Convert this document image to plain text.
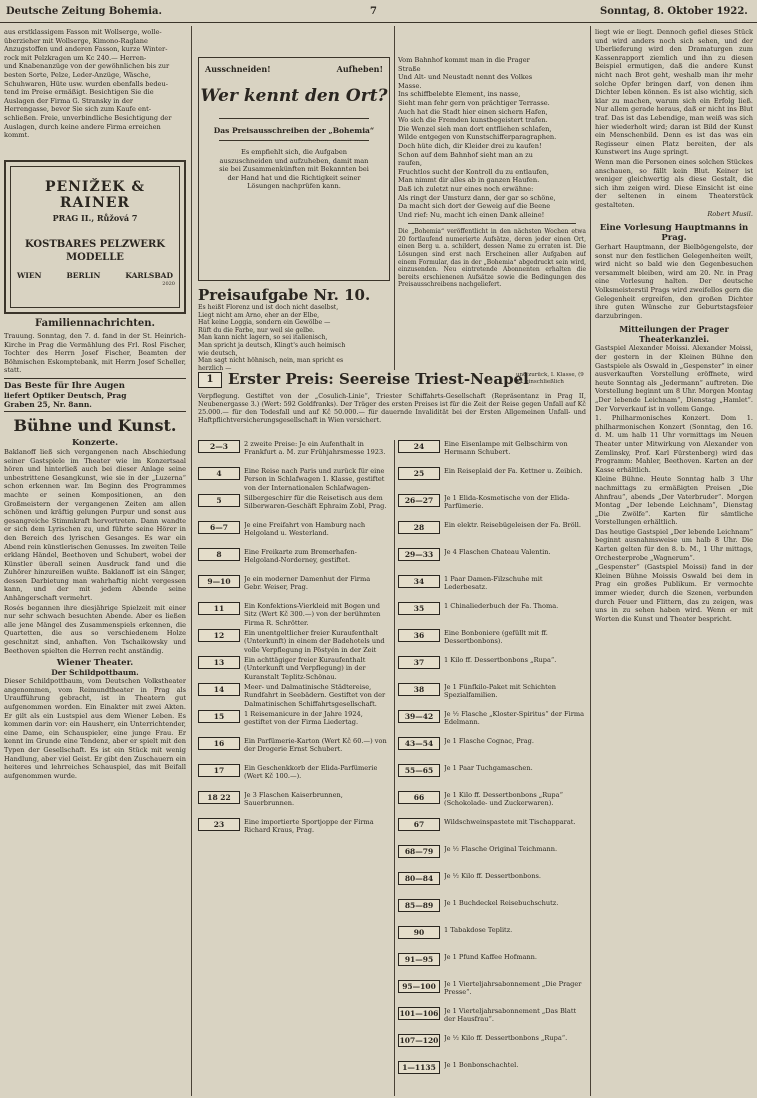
Deutsche Zeitung Bohemia.	7	Sonntag, 8. Oktober 1922.
aus erstklassigem Fasson mit Wollserge, wolle-
überzieher mit Wollserge, Kimono-Raglane
Anzugstoffen und anderen Fasson, kurze Winter-
rock mit Pelzkragen um Kc 240.— Herren-
und Knabenanzüge von der gewöhnlichen bis zur
besten Sorte, Pelze, Leder-Anzüge, Wäsche,
Schuhwaren, Hüte usw. wurden ebenfalls bedeu-
tend im Preise ermäßigt. Besichtigen Sie die
Auslagen der Firma G. Stransky in der
Herrengasse, bevor Sie sich zum Kaufe ent-
schließen. Freie, unverbindliche Besichtigung der
Auslagen, durch keine andere Firma erreichen
kommt.
PENIŽEK & RAINER
PRAG II., Růžová 7
KOSTBARES PELZWERK
MODELLE
WIEN	BERLIN	KARLSBAD
2020
Familiennachrichten.

Trauung. Sonntag, den 7. d. fand in der St. Heinrich-Kirche in Prag die Vermählung des Frl. Rosl Fischer, Tochter des Herrn Josef Fischer, Beamten der Böhmischen Eskomptebank, mit Herrn Josef Scheller, statt.

Das Beste für Ihre Augen
liefert Optiker Deutsch, Prag
Graben 25, Nr. 8ann.
Bühne und Kunst.
Konzerte.

Baklanoff ließ sich vergangenen nach Abschiedung seiner Gastspiele im Theater wie im Konzertsaal hören und hinterließ auch bei dieser Anlage seine unbestrittene Gesangkunst, wie sie in der „Luzerna“ schon erkennen war. Im Beginn des Programmes machte er seinen Kompositionen, an den Großmeistern der vergangenen Zeiten am allen schönen und kräftig gelungen Purpur und sonst aus gesangreiche Stimmkraft hervortreten. Dann wandte er sich dem Lyrischen zu, und führte seine Hörer in den Bereich des lyrischen Gesanges. Es war ein Abend rein künstlerischen Genusses. Im zweiten Teile erklang Händel, Beethoven und Schubert, wobei der Künstler überall seinen Ausdruck fand und die Zuhörer hinzureißen wußte. Baklanoff ist ein Sänger, dessen Darbietung man wahrhaftig nicht vergessen kann, und der mit jedem Abende seine Anhängerschaft vermehrt.

Rosés begannen ihre diesjährige Spielzeit mit einer nur sehr schwach besuchten Abende. Aber es ließen alle jene Mängel des Zusammenspiels erkennen, die Quartetten, die aus so verschiedenem Holze geschnitzt sind, anhaften. Von Tschaikowsky und Beethoven spielten die Herren recht anständig.

Wiener Theater.
Der Schildpottbaum.

Dieser Schildpottbaum, vom Deutschen Volkstheater angenommen, vom Reimundtheater in Prag als Uraufführung gebracht, ist in Theatern gut aufgenommen worden. Ein Einakter mit zwei Akten. Er gilt als ein Lustspiel aus dem Wiener Leben. Es kommen darin vor: ein Hausherr, ein Unterrichtender, eine Dame, ein Schauspieler, eine junge Frau. Er kennt im Grunde eine Tendenz, aber er spielt mit den Typen der Gesellschaft. Es ist ein Stück mit wenig Handlung, aber viel Geist. Er gibt den Zuschauern ein heiteres und lehrreiches Schauspiel, das mit Beifall aufgenommen wurde.

Ausschneiden!	Aufheben!
Wer kennt den Ort?
Das Preisausschreiben der „Bohemia“
Es empfiehlt sich, die Aufgaben auszuschneiden und aufzuheben, damit man sie bei Zusammenkünften mit Bekannten bei der Hand hat und die Richtigkeit seiner Lösungen nachprüfen kann.
Preisaufgabe Nr. 10.
Es heißt Florenz und ist doch nicht daselbst,
Liegt nicht am Arno, eher an der Elbe,
Hat keine Loggia, sondern ein Gewölbe —
Rüft du die Farbe, nur weil sie gelbe.
Man kann nicht lagern, so sei italienisch,
Man spricht ja deutsch, Klingt's auch heimisch
wie deutsch,
Man sagt nicht höhnisch, nein, man spricht es
herzlich —
Vom Bahnhof kommt man in die Prager
Straße
Und Alt- und Neustadt nennt des Volkes
Masse.
Ins schiffbelebte Element, ins nasse,
Sieht man fehr gern von prächtiger Terrasse.
Auch hat die Stadt hier einen sichern Hafen,
Wo sich die Fremden kunstbegeistert trafen.
Die Wenzel sieh man dort entfliehen schlafen,
Wilde entgegen von Kunstschifferparagraphen.
Doch hüte dich, dir Kleider drei zu kaufen!
Schon auf dem Bahnhof sieht man an zu
raufen,
Fruchtlos sucht der Kontroll du zu entlaufen,
Man nimmt dir alles ab in ganzen Haufen.
Daß ich zuletzt nur eines noch erwähne:
Als ringt der Umsturz dann, der gar so schöne,
Da macht sich dort der Geweig auf die Beene
Und rief: Nu, macht ich einen Dank alleine!

Die „Bohemia“ veröffentlicht in den nächsten Wochen etwa 20 fortlaufend numerierte Aufsätze, deren jeder einen Ort, einen Berg u. a. schildert, dessen Name zu erraten ist. Die Lösungen sind erst nach Erscheinen aller Aufgaben auf einem Formular, das in der „Bohemia“ abgedruckt sein wird, einzusenden. Neu eintretende Abonnenten erhalten die bereits erschienenen Aufsätze sowie die Bedingungen des Preisausschreibens nachgeliefert.

1 Erster Preis: Seereise Triest-Neapel
und zurück, I. Klasse, (9 Kl. einschließlich
Verpflegung. Gestiftet von der „Cosulich-Linie“, Triester Schiffahrts-Gesellschaft (Repräsentanz in Prag II, Neubenergasse 3.) (Wert: 592 Goldfranks). Der Träger des ersten Preises ist für die Zeit der Reise gegen Unfall auf Kč 25.000.— für den Todesfall und auf Kč 50.000.— für dauernde Invalidität bei der Ersten Allgemeinen Unfall- und Haftpflichtversicherungsgesellschaft in Wien versichert.
2—3	2 zweite Preise: Je ein Aufenthalt in Frankfurt a. M. zur Frühjahrsmesse 1923.
4	Eine Reise nach Paris und zurück für eine Person in Schlafwagen 1. Klasse, gestiftet von der Internationalen Schlafwagen-
5	Silbergeschirr für die Reisetisch aus dem Silberwaren-Geschäft Ephraim Zobl, Prag.
6—7	Je eine Freifahrt von Hamburg nach Helgoland u. Westerland.
8	Eine Freikarte zum Bremerhafen-Helgoland-Norderney, gestiftet.
9—10	Je ein moderner Damenhut der Firma Gebr. Weiser, Prag.
11	Ein Konfektions-Vierkleid mit Bogen und Sitz (Wert Kč 300.—) von der berühmten Firma R. Schrötter.
12	Ein unentgeltlicher freier Kuraufenthalt (Unterkunft) in einem der Badehotels und volle Verpflegung in Pöstyén in der Zeit
13	Ein achttägiger freier Kuraufenthalt (Unterkunft und Verpflegung) in der Kuranstalt Teplitz-Schönau.
14	Meer- und Dalmatinische Städtereise, Rundfahrt in Seebädern. Gestiftet von der Dalmatinischen Schiffahrtsgesellschaft.
15	1 Reisemanicure in der Jahre 1924, gestiftet von der Firma Liedertag.
16	Ein Parfümerie-Karton (Wert Kč 60.—) von der Drogerie Ernst Schubert.
17	Ein Geschenkkorb der Elida-Parfümerie (Wert Kč 100.—).
18 22	Je 3 Flaschen Kaiserbrunnen, Sauerbrunnen.
23	Eine importierte Sportjoppe der Firma Richard Kraus, Prag.
24	Eine Eisenlampe mit Gelbschirm von Hermann Schubert.
25	Ein Reiseplaid der Fa. Kettner u. Zeibich.
26—27	Je 1 Elida-Kosmetische von der Elida-Parfümerie.
28	Ein elektr. Reisebügeleisen der Fa. Bröll.
29—33	Je 4 Flaschen Chateau Valentin.
34	1 Paar Damen-Filzschuhe mit Lederbesatz.
35	1 Chinaliederbuch der Fa. Thoma.
36	Eine Bonboniere (gefüllt mit ff. Dessertbonbons).
37	1 Kilo ff. Dessertbonbons „Rupa“.
38	Je 1 Fünfkilo-Paket mit Schichten Spezialfamilien.
39—42	Je ½ Flasche „Kloster-Spiritus“ der Firma Edelmann.
43—54	Je 1 Flasche Cognac, Prag.
55—65	Je 1 Paar Tuchgamaschen.
66	Je 1 Kilo ff. Dessertbonbons „Rupa“ (Schokolade- und Zuckerwaren).
67	Wildschweinspastete mit Tischapparat.
68—79	Je ½ Flasche Original Teichmann.
80—84	Je ½ Kilo ff. Dessertbonbons.
85—89	Je 1 Buchdeckel Reisebuchschutz.
90	1 Tabakdose Teplitz.
91—95	Je 1 Pfund Kaffee Hofmann.
95—100	Je 1 Vierteljahrsabonnement „Die Prager Presse“.
101—106 Je 1 Vierteljahrsabonnement „Das Blatt der Hausfrau“.
107—120 Je ½ Kilo ff. Dessertbonbons „Rupa“.
1—1135	Je 1 Bonbonschachtel.

liegt wie er liegt. Dennoch gefiel dieses Stück und wird anders noch sich sehen, und der Uberlieferung wird den Dramaturgen zum Kassenrapport ziemlich und ihn zu diesen Beispiel ermutigen, daß die andere Kunst nicht nach Brot geht, weshalb man ihr mehr solche Opfer bringen darf, von denen ihm Dichter leben können. Es ist also wichtig, sich klar zu machen, warum sich ein Erfolg ließ. Nur allem gerade heraus, daß er nicht ins Blut traf. Das ist das Lebendige, man weiß was sich hier wiederholt wird; daran ist Bild der Kunst ein Menschenbild. Denn es ist das was ein Regisseur einen Platz bereiten, der als Kunstwert ins Auge springt.

Wenn man die Personen eines solchen Stückes anschauen, so fällt kein Blut. Keiner ist weniger gleichwertig als diese Gestalt, die sich ihm zeigen wird. Diese Einsicht ist eine der seltenen in einem Theaterstück gestalteten.

Robert Musil.
Eine Vorlesung Hauptmanns in Prag.

Gerhart Hauptmann, der Bielbögengelste, der sonst nur den festlichen Gelegenheiten weilt, wird nicht so bald wie den Gegenbesuchen versammelt bleiben, wird am 20. Nr. in Prag eine Vorlesung halten. Der deutsche Volksmeisterstil Prags wird zweifellos gern die Gelegenheit ergreifen, den großen Dichter ihre guten Wünsche zur Geburtstagsfeier darzubringen.

Mitteilungen der Prager Theaterkanzlei.

Gastspiel Alexander Moissi. Alexander Moissi, der gestern in der Kleinen Bühne den Gastspiele als Oswald in „Gespenster“ in einer ausverkauften Vorstellung eröffnete, wird heute Sonntag als „Jedermann“ auftreten. Die Vorstellung beginnt um 8 Uhr. Morgen Montag „Der lebende Leichnam“, Dienstag „Hamlet“. Der Vorverkauf ist in vollem Gange.

1. Philharmonisches Konzert. Dom 1. philharmonischen Konzert (Sonntag, den 16. d. M. um halb 11 Uhr vormittags im Neuen Theater unter Mitwirkung von Alexander von Zemlinsky, Prof. Karl Fürstenberg) wird das Programm: Mahler, Beethoven. Karten an der Kasse erhältlich.

Kleine Bühne. Heute Sonntag halb 3 Uhr nachmittags zu ermäßigten Preisen „Die Ahnfrau“, abends „Der Vaterbruder“. Morgen Montag „Der lebende Leichnam“, Dienstag „Die Zwölfe“. Karten für sämtliche Vorstellungen erhältlich.

Das heutige Gastspiel „Der lebende Leichnam“ beginnt ausnahmsweise um halb 8 Uhr. Die Karten gelten für den 8. b. M., 1 Uhr mittags, Orchesterprobe „Wagnerum“.

„Gespenster“ (Gastspiel Moissi) fand in der Kleinen Bühne Moissis Oswald bei dem in Prag ein großes Publikum. Er vermochte immer wieder, durch die Szenen, verbunden durch Feuer und Flittern, das zu zeigen, was uns in zu sehen haben wird. Wenn er mit Worten die Kunst und Theater bespricht.
